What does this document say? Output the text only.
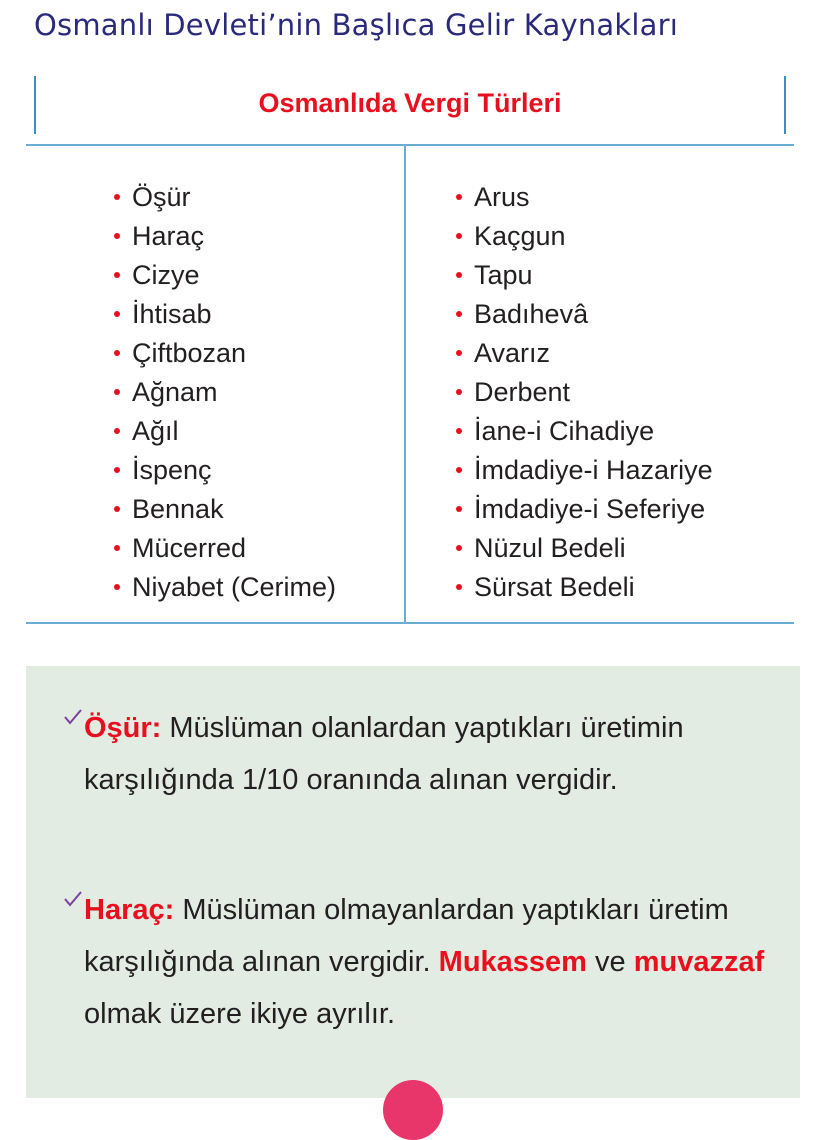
Osmanlı Devleti’nin Başlıca Gelir Kaynakları
Osmanlıda Vergi Türleri
Öşür
Haraç
Cizye
İhtisab
Çiftbozan
Ağnam
Ağıl
İspenç
Bennak
Mücerred
Niyabet (Cerime)
Arus
Kaçgun
Tapu
Badıhevâ
Avarız
Derbent
İane-i Cihadiye
İmdadiye-i Hazariye
İmdadiye-i Seferiye
Nüzul Bedeli
Sürsat Bedeli
Öşür: Müslüman olanlardan yaptıkları üretimin karşılığında 1/10 oranında alınan vergidir.
Haraç: Müslüman olmayanlardan yaptıkları üretim karşılığında alınan vergidir. Mukassem ve muvazzaf olmak üzere ikiye ayrılır.
